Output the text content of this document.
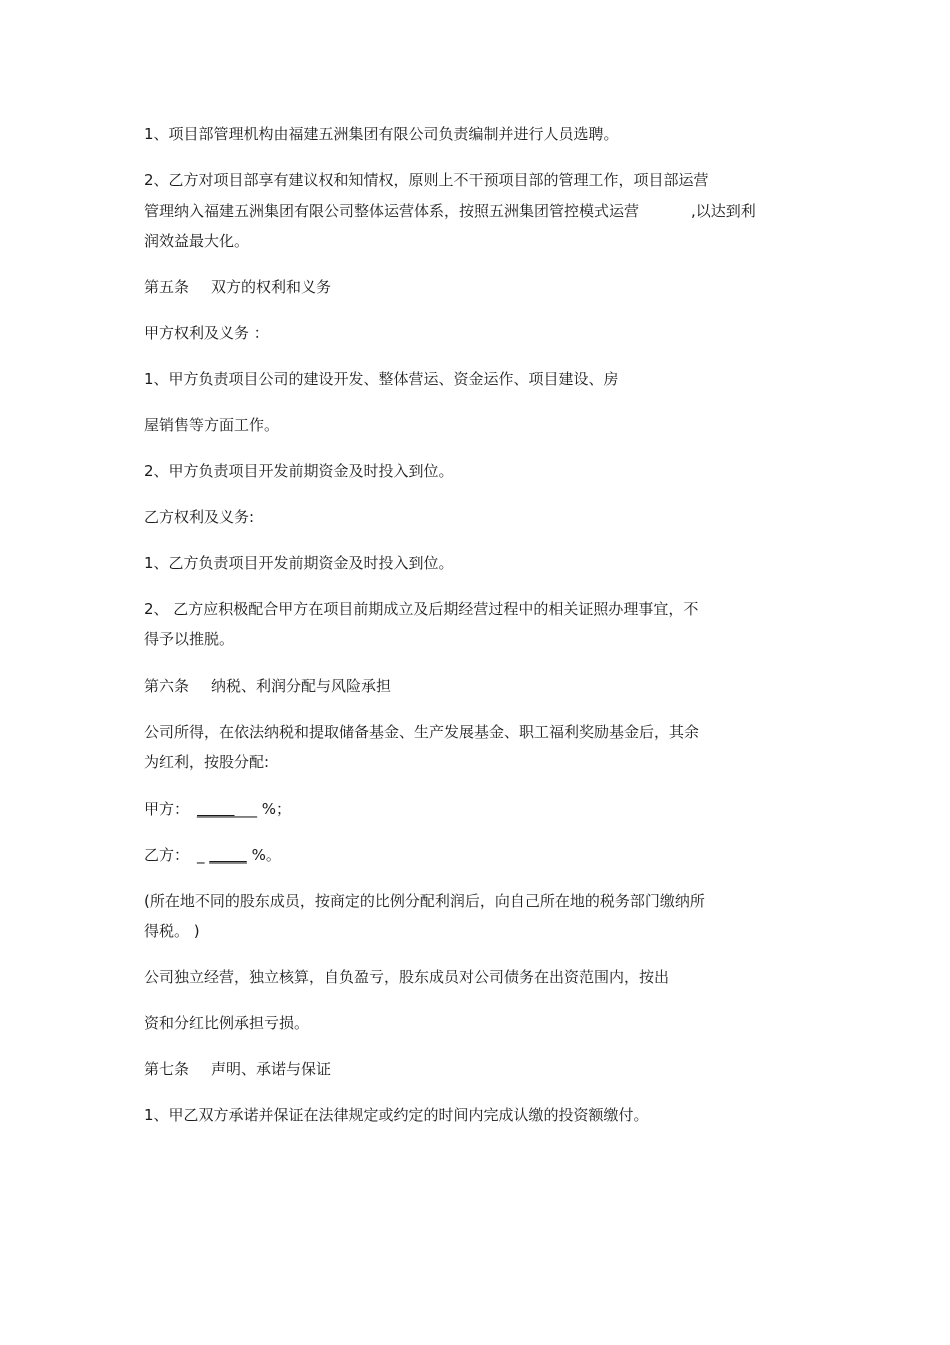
1、项目部管理机构由福建五洲集团有限公司负责编制并进行人员选聘。
2、乙方对项目部享有建议权和知情权，原则上不干预项目部的管理工作，项目部运营
管理纳入福建五洲集团有限公司整体运营体系，按照五洲集团管控模式运营	,以达到利
润效益最大化。
第五条 双方的权利和义务
甲方权利及义务 ：
1、甲方负责项目公司的建设开发、整体营运、资金运作、项目建设、房
屋销售等方面工作。
2、甲方负责项目开发前期资金及时投入到位。
乙方权利及义务:
1、乙方负责项目开发前期资金及时投入到位。
2、 乙方应积极配合甲方在项目前期成立及后期经营过程中的相关证照办理事宜，不
得予以推脱。
第六条 纳税、利润分配与风险承担
公司所得，在依法纳税和提取储备基金、生产发展基金、职工福利奖励基金后，其余
为红利，按股分配:
甲方： ________ %；
乙方： _ _____ %。
(所在地不同的股东成员，按商定的比例分配利润后，向自己所在地的税务部门缴纳所
得税。 )
公司独立经营，独立核算，自负盈亏，股东成员对公司债务在出资范围内，按出
资和分红比例承担亏损。
第七条 声明、承诺与保证
1、甲乙双方承诺并保证在法律规定或约定的时间内完成认缴的投资额缴付。
